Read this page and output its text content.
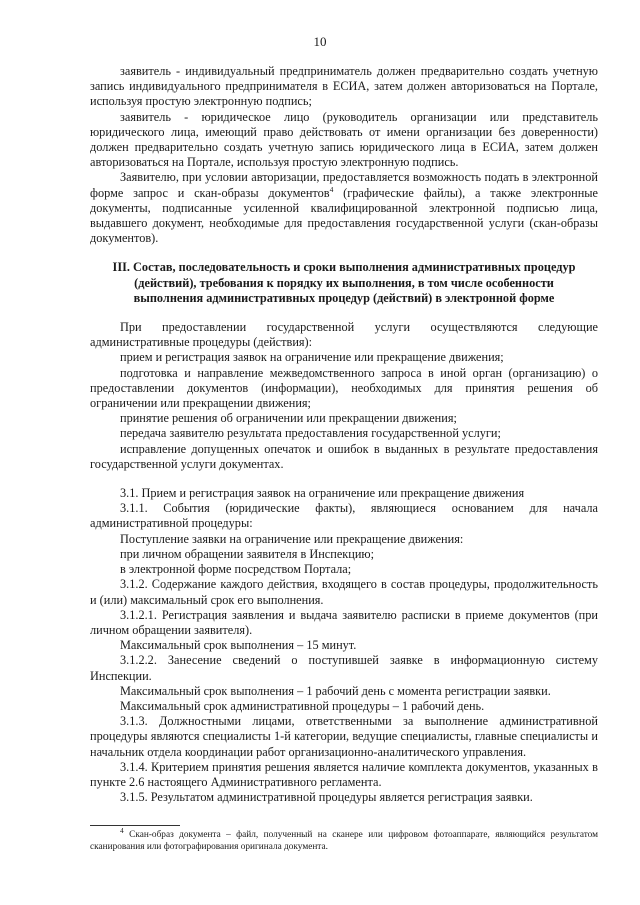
10

заявитель - индивидуальный предприниматель должен предварительно создать учетную запись индивидуального предпринимателя в ЕСИА, затем должен авторизоваться на Портале, используя простую электронную подпись;

заявитель - юридическое лицо (руководитель организации или представитель юридического лица, имеющий право действовать от имени организации без доверенности) должен предварительно создать учетную запись юридического лица в ЕСИА, затем должен авторизоваться на Портале, используя простую электронную подпись.

Заявителю, при условии авторизации, предоставляется возможность подать в электронной форме запрос и скан-образы документов$^4$ (графические файлы), а также электронные документы, подписанные усиленной квалифицированной электронной подписью лица, выдавшего документ, необходимые для предоставления государственной услуги (скан-образы документов).

III. Состав, последовательность и сроки выполнения административных процедур (действий), требования к порядку их выполнения, в том числе особенности выполнения административных процедур (действий) в электронной форме

При предоставлении государственной услуги осуществляются следующие административные процедуры (действия):

прием и регистрация заявок на ограничение или прекращение движения;

подготовка и направление межведомственного запроса в иной орган (организацию) о предоставлении документов (информации), необходимых для принятия решения об ограничении или прекращении движения;

принятие решения об ограничении или прекращении движения;

передача заявителю результата предоставления государственной услуги;

исправление допущенных опечаток и ошибок в выданных в результате предоставления государственной услуги документах.

3.1. Прием и регистрация заявок на ограничение или прекращение движения

3.1.1. События (юридические факты), являющиеся основанием для начала административной процедуры:

Поступление заявки на ограничение или прекращение движения:

при личном обращении заявителя в Инспекцию;

в электронной форме посредством Портала;

3.1.2. Содержание каждого действия, входящего в состав процедуры, продолжительность и (или) максимальный срок его выполнения.

3.1.2.1. Регистрация заявления и выдача заявителю расписки в приеме документов (при личном обращении заявителя).

Максимальный срок выполнения – 15 минут.

3.1.2.2. Занесение сведений о поступившей заявке в информационную систему Инспекции.

Максимальный срок выполнения – 1 рабочий день с момента регистрации заявки.

Максимальный срок административной процедуры – 1 рабочий день.

3.1.3. Должностными лицами, ответственными за выполнение административной процедуры являются специалисты 1-й категории, ведущие специалисты, главные специалисты и начальник отдела координации работ организационно-аналитического управления.

3.1.4. Критерием принятия решения является наличие комплекта документов, указанных в пункте 2.6 настоящего Административного регламента.

3.1.5. Результатом административной процедуры является регистрация заявки.

$^4$ Скан-образ документа – файл, полученный на сканере или цифровом фотоаппарате, являющийся результатом сканирования или фотографирования оригинала документа.
